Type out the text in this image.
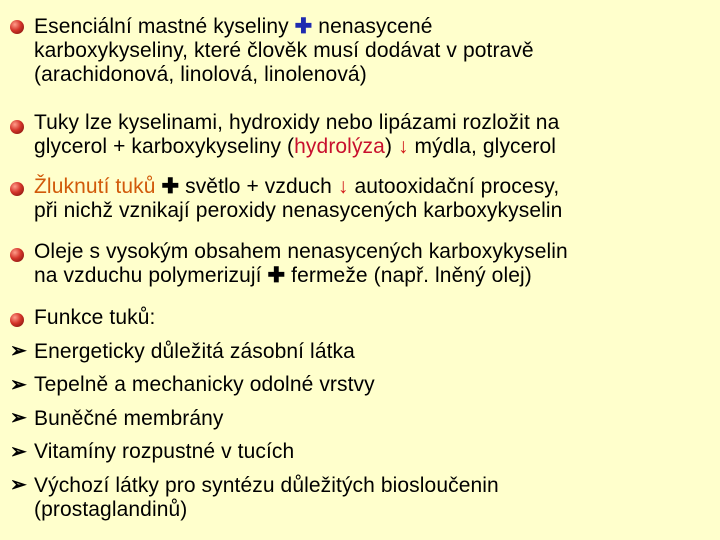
Esenciální mastné kyseliny ✚ nenasycené
karboxykyseliny, které člověk musí dodávat v potravě
(arachidonová, linolová, linolenová)
Tuky lze kyselinami, hydroxidy nebo lipázami rozložit na
glycerol + karboxykyseliny (hydrolýza) ↓ mýdla, glycerol
Žluknutí tuků ✚ světlo + vzduch ↓ autooxidační procesy,
při nichž vznikají peroxidy nenasycených karboxykyselin
Oleje s vysokým obsahem nenasycených karboxykyselin
na vzduchu polymerizují ✚ fermeže (např. lněný olej)
Funkce tuků:
➢ Energeticky důležitá zásobní látka
➢ Tepelně a mechanicky odolné vrstvy
➢ Buněčné membrány
➢ Vitamíny rozpustné v tucích
➢ Výchozí látky pro syntézu důležitých biosloučenin
(prostaglandinů)
